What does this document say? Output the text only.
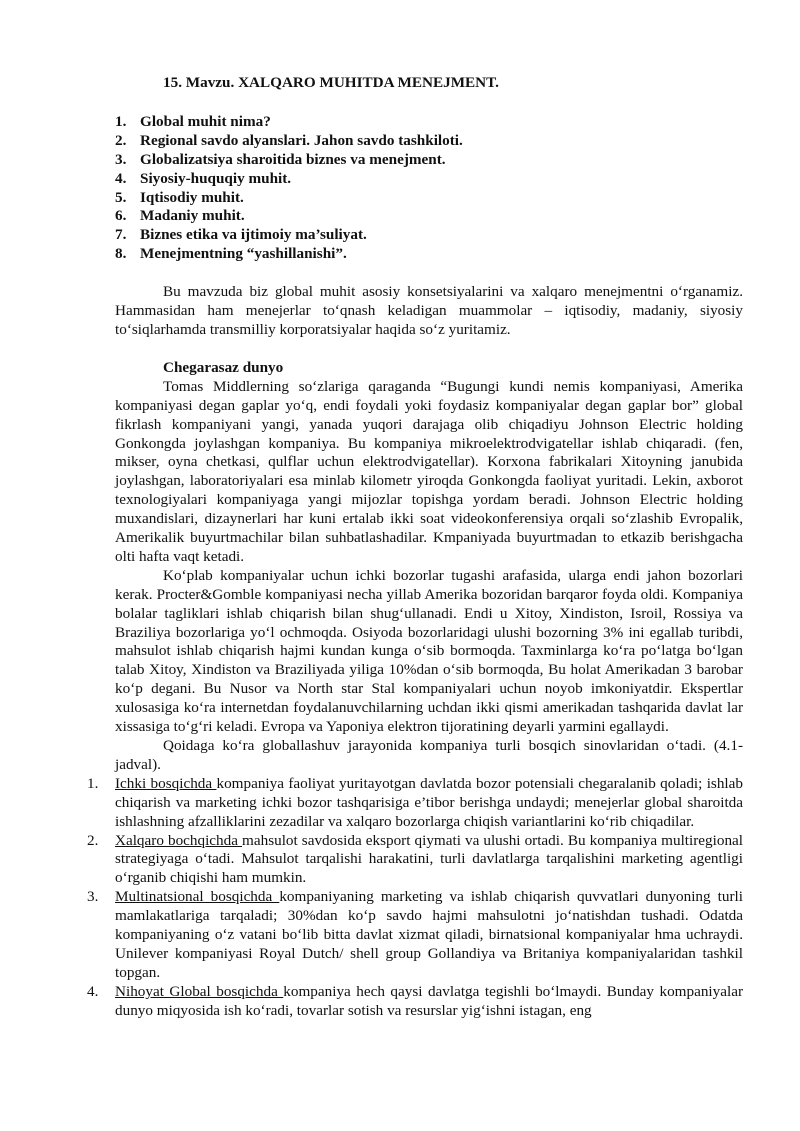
15. Mavzu. XALQARO MUHITDA MENEJMENT.
1. Global muhit nima?
2. Regional savdo alyanslari. Jahon savdo tashkiloti.
3. Globalizatsiya sharoitida biznes va menejment.
4. Siyosiy-huquqiy muhit.
5. Iqtisodiy muhit.
6. Madaniy muhit.
7. Biznes etika va ijtimoiy ma’suliyat.
8. Menejmentning “yashillanishi”.

Bu mavzuda biz global muhit asosiy konsetsiyalarini va xalqaro menejmentni o‘rganamiz. Hammasidan ham menejerlar to‘qnash keladigan muammolar – iqtisodiy, madaniy, siyosiy to‘siqlarhamda transmilliy korporatsiyalar haqida so‘z yuritamiz.

Chegarasaz dunyo

Tomas Middlerning so‘zlariga qaraganda “Bugungi kundi nemis kompaniyasi, Amerika kompaniyasi degan gaplar yo‘q, endi foydali yoki foydasiz kompaniyalar degan gaplar bor” global fikrlash kompaniyani yangi, yanada yuqori darajaga olib chiqadiyu Johnson Electric holding Gonkongda joylashgan kompaniya. Bu kompaniya mikroelektrodvigatellar ishlab chiqaradi. (fen, mikser, oyna chetkasi, qulflar uchun elektrodvigatellar). Korxona fabrikalari Xitoyning janubida joylashgan, laboratoriyalari esa minlab kilometr yiroqda Gonkongda faoliyat yuritadi. Lekin, axborot texnologiyalari kompaniyaga yangi mijozlar topishga yordam beradi. Johnson Electric holding muxandislari, dizaynerlari har kuni ertalab ikki soat videokonferensiya orqali so‘zlashib Evropalik, Amerikalik buyurtmachilar bilan suhbatlashadilar. Kmpaniyada buyurtmadan to etkazib berishgacha olti hafta vaqt ketadi.

Ko‘plab kompaniyalar uchun ichki bozorlar tugashi arafasida, ularga endi jahon bozorlari kerak. Procter&Gomble kompaniyasi necha yillab Amerika bozoridan barqaror foyda oldi. Kompaniya bolalar tagliklari ishlab chiqarish bilan shug‘ullanadi. Endi u Xitoy, Xindiston, Isroil, Rossiya va Braziliya bozorlariga yo‘l ochmoqda. Osiyoda bozorlaridagi ulushi bozorning 3% ini egallab turibdi, mahsulot ishlab chiqarish hajmi kundan kunga o‘sib bormoqda. Taxminlarga ko‘ra po‘latga bo‘lgan talab Xitoy, Xindiston va Braziliyada yiliga 10%dan o‘sib bormoqda, Bu holat Amerikadan 3 barobar ko‘p degani. Bu Nusor va North star Stal kompaniyalari uchun noyob imkoniyatdir. Ekspertlar xulosasiga ko‘ra internetdan foydalanuvchilarning uchdan ikki qismi amerikadan tashqarida davlat lar xissasiga to‘g‘ri keladi. Evropa va Yaponiya elektron tijoratining deyarli yarmini egallaydi.

Qoidaga ko‘ra globallashuv jarayonida kompaniya turli bosqich sinovlaridan o‘tadi. (4.1-jadval).

1.	Ichki bosqichda kompaniya faoliyat yuritayotgan davlatda bozor potensiali chegaralanib qoladi; ishlab chiqarish va marketing ichki bozor tashqarisiga e’tibor berishga undaydi; menejerlar global sharoitda ishlashning afzalliklarini zezadilar va xalqaro bozorlarga chiqish variantlarini ko‘rib chiqadilar.
2.	Xalqaro bochqichda mahsulot savdosida eksport qiymati va ulushi ortadi. Bu kompaniya multiregional strategiyaga o‘tadi. Mahsulot tarqalishi harakatini, turli davlatlarga tarqalishini marketing agentligi o‘rganib chiqishi ham mumkin.
3.	Multinatsional bosqichda kompaniyaning marketing va ishlab chiqarish quvvatlari dunyoning turli mamlakatlariga tarqaladi; 30%dan ko‘p savdo hajmi mahsulotni jo‘natishdan tushadi. Odatda kompaniyaning o‘z vatani bo‘lib bitta davlat xizmat qiladi, birnatsional kompaniyalar hma uchraydi. Unilever kompaniyasi Royal Dutch/ shell group Gollandiya va Britaniya kompaniyalaridan tashkil topgan.
4.	Nihoyat Global bosqichda kompaniya hech qaysi davlatga tegishli bo‘lmaydi. Bunday kompaniyalar dunyo miqyosida ish ko‘radi, tovarlar sotish va resurslar yig‘ishni istagan, eng
